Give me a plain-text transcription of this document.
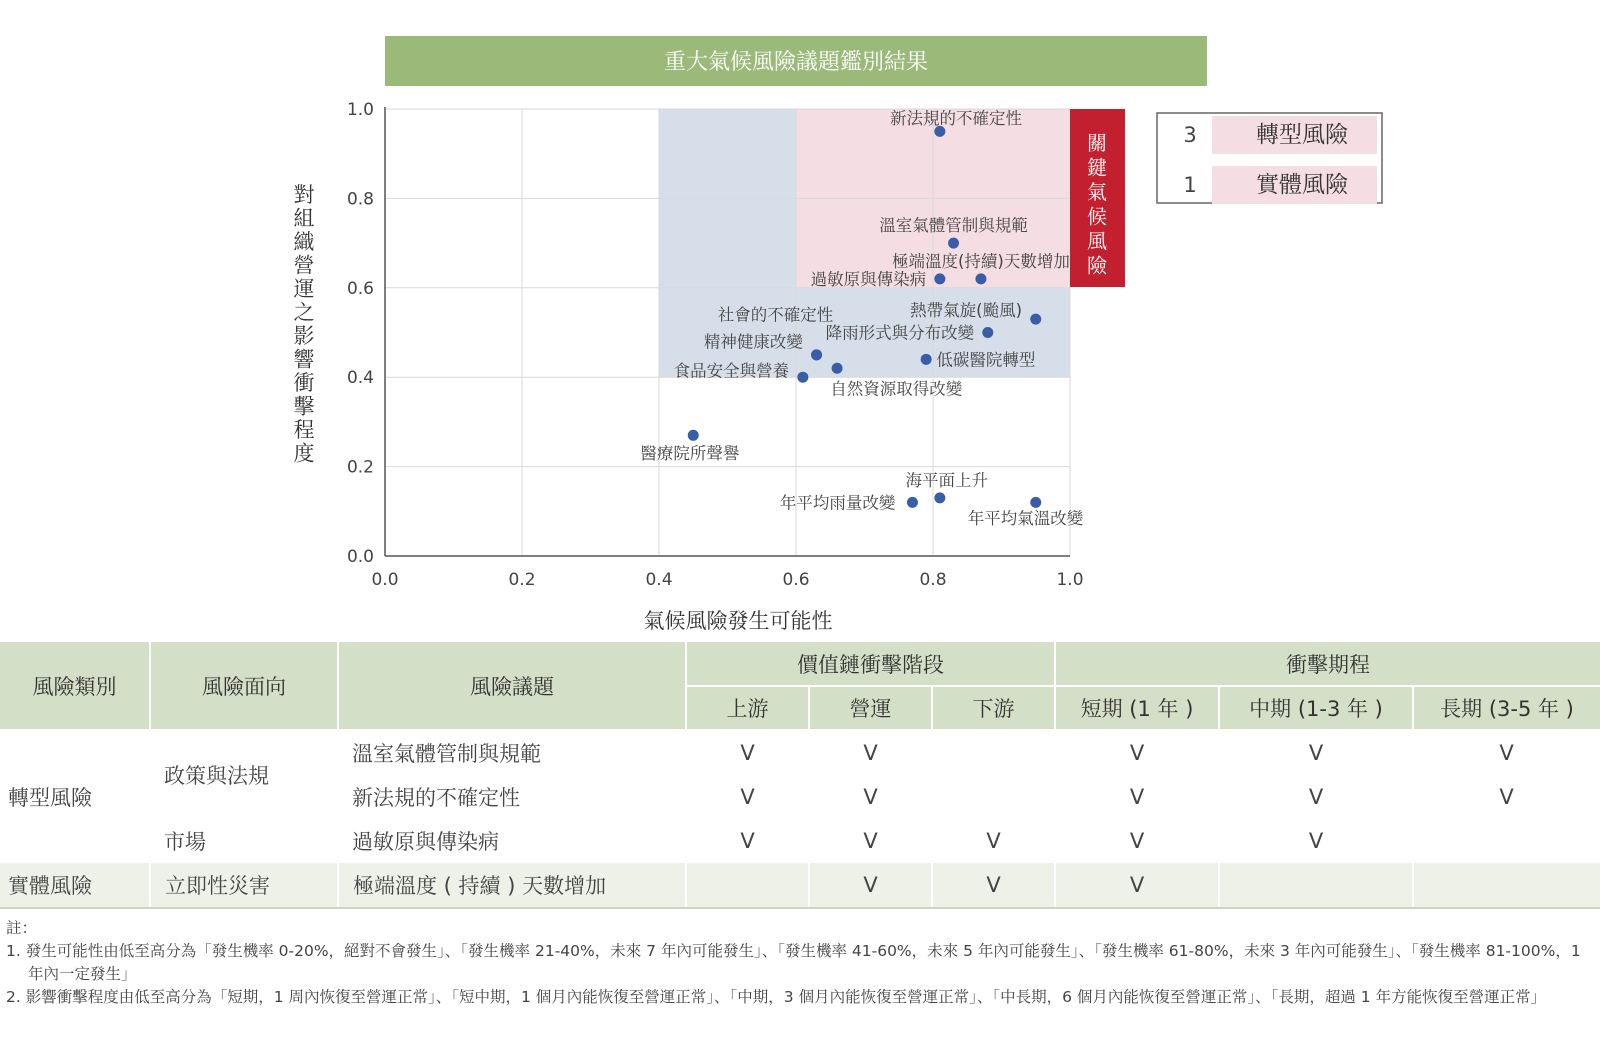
重大氣候風險議題鑑別結果
關鍵氣候風險
0.0	0.2	0.4	0.6	0.8	1.0
0.0
0.2
0.4
0.6
0.8
1.0
氣候風險發生可能性
對組織營運之影響衝擊程度
新法規的不確定性
溫室氣體管制與規範
極端溫度(持續)天數增加
過敏原與傳染病
熱帶氣旋(颱風)
降雨形式與分布改變
低碳醫院轉型
社會的不確定性
精神健康改變
自然資源取得改變
食品安全與營養
醫療院所聲譽
海平面上升
年平均雨量改變
年平均氣溫改變
3	轉型風險
1	實體風險
風險類別	風險面向	風險議題	價值鏈衝擊階段			衝擊期程		
			上游	營運	下游	短期 (1 年 )	中期 (1-3 年 )	長期 (3-5 年 )
轉型風險	政策與法規	溫室氣體管制與規範	V	V		V	V	V
		新法規的不確定性	V	V		V	V	V
	市場	過敏原與傳染病	V	V	V	V	V	
實體風險	立即性災害	極端溫度 ( 持續 ) 天數增加		V	V	V		
註：
1. 發生可能性由低至高分為「發生機率 0-20%，絕對不會發生」、「發生機率 21-40%，未來 7 年內可能發生」、「發生機率 41-60%，未來 5 年內可能發生」、「發生機率 61-80%，未來 3 年內可能發生」、「發生機率 81-100%，1 年內一定發生」
2. 影響衝擊程度由低至高分為「短期，1 周內恢復至營運正常」、「短中期，1 個月內能恢復至營運正常」、「中期，3 個月內能恢復至營運正常」、「中長期，6 個月內能恢復至營運正常」、「長期，超過 1 年方能恢復至營運正常」
